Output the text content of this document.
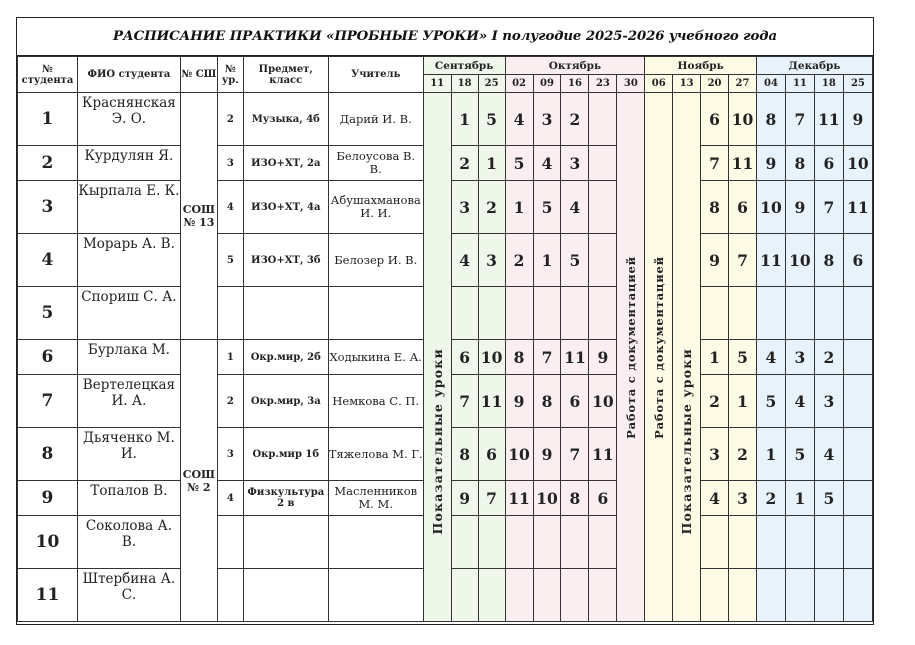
РАСПИСАНИЕ ПРАКТИКИ «ПРОБНЫЕ УРОКИ» I полугодие 2025-2026 учебного года
№ студента	ФИО студента	№ СШ	№ ур.	Предмет, класс	Учитель	Сентябрь			Октябрь					Ноябрь				Декабрь			
						11	18	25	02	09	16	23	30	06	13	20	27	04	11	18	25
1	Краснянская Э. О.	СОШ № 13	2	Музыка, 4б	Дарий И. В.	Показательные уроки	1	5	4	3	2		Работа с документацией	Работа с документацией	Показательные уроки	6	10	8	7	11	9
2	Курдулян Я.		3	ИЗО+ХТ, 2а	Белоусова В. В.		2	1	5	4	3					7	11	9	8	6	10
3	Кырпала Е. К.		4	ИЗО+ХТ, 4а	Абушахманова И. И.		3	2	1	5	4					8	6	10	9	7	11
4	Морарь А. В.		5	ИЗО+ХТ, 3б	Белозер И. В.		4	3	2	1	5					9	7	11	10	8	6
5	Спориш С. А.																				
6	Бурлака М.	СОШ № 2	1	Окр.мир, 2б	Ходыкина Е. А.		6	10	8	7	11	9				1	5	4	3	2	
7	Вертелецкая И. А.		2	Окр.мир, 3а	Немкова С. П.		7	11	9	8	6	10				2	1	5	4	3	
8	Дьяченко М. И.		3	Окр.мир 1б	Тяжелова М. Г.		8	6	10	9	7	11				3	2	1	5	4	
9	Топалов В.		4	Физкультура 2 в	Масленников М. М.		9	7	11	10	8	6				4	3	2	1	5	
10	Соколова А. В.																				
11	Штербина А. С.																				
